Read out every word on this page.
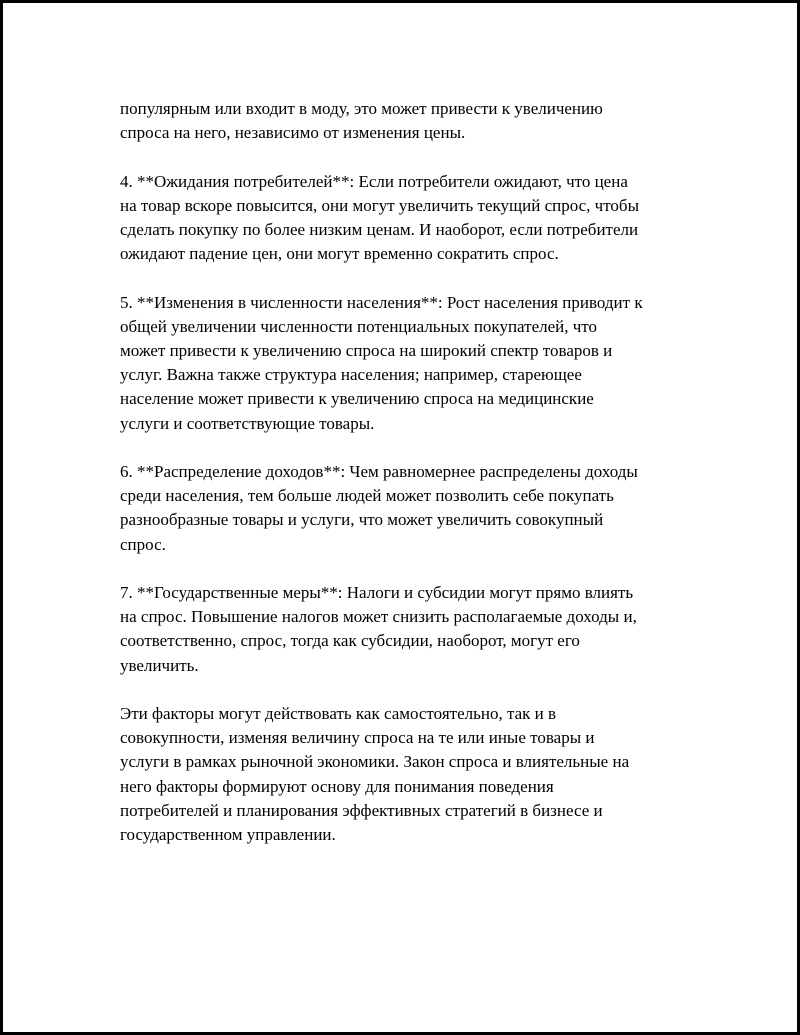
популярным или входит в моду, это может привести к увеличению
спроса на него, независимо от изменения цены.
4. **Ожидания потребителей**: Если потребители ожидают, что цена
на товар вскоре повысится, они могут увеличить текущий спрос, чтобы
сделать покупку по более низким ценам. И наоборот, если потребители
ожидают падение цен, они могут временно сократить спрос.
5. **Изменения в численности населения**: Рост населения приводит к
общей увеличении численности потенциальных покупателей, что
может привести к увеличению спроса на широкий спектр товаров и
услуг. Важна также структура населения; например, стареющее
население может привести к увеличению спроса на медицинские
услуги и соответствующие товары.
6. **Распределение доходов**: Чем равномернее распределены доходы
среди населения, тем больше людей может позволить себе покупать
разнообразные товары и услуги, что может увеличить совокупный
спрос.
7. **Государственные меры**: Налоги и субсидии могут прямо влиять
на спрос. Повышение налогов может снизить располагаемые доходы и,
соответственно, спрос, тогда как субсидии, наоборот, могут его
увеличить.
Эти факторы могут действовать как самостоятельно, так и в
совокупности, изменяя величину спроса на те или иные товары и
услуги в рамках рыночной экономики. Закон спроса и влиятельные на
него факторы формируют основу для понимания поведения
потребителей и планирования эффективных стратегий в бизнесе и
государственном управлении.
